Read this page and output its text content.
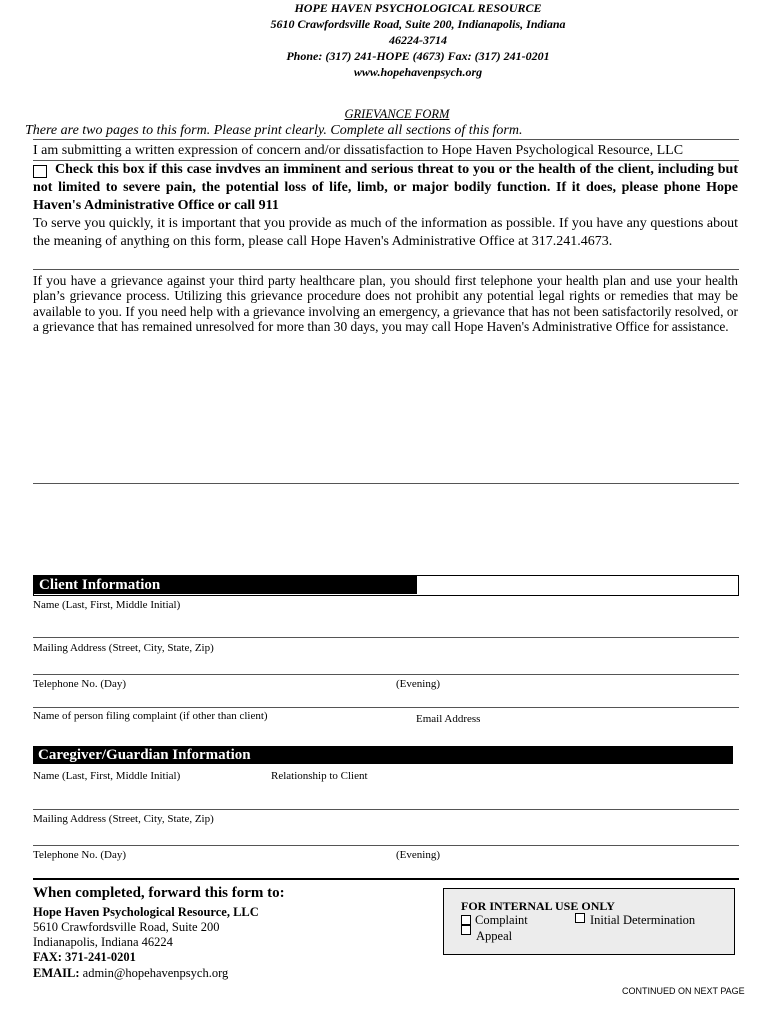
HOPE HAVEN PSYCHOLOGICAL RESOURCE
5610 Crawfordsville Road, Suite 200, Indianapolis, Indiana
46224-3714
Phone: (317) 241-HOPE (4673) Fax: (317) 241-0201
www.hopehavenpsych.org
GRIEVANCE FORM
There are two pages to this form. Please print clearly. Complete all sections of this form.
I am submitting a written expression of concern and/or dissatisfaction to Hope Haven Psychological Resource, LLC
Check this box if this case invdves an imminent and serious threat to you or the health of the client, including but not limited to severe pain, the potential loss of life, limb, or major bodily function. If it does, please phone Hope Haven's Administrative Office or call 911
To serve you quickly, it is important that you provide as much of the information as possible. If you have any questions about the meaning of anything on this form, please call Hope Haven's Administrative Office at 317.241.4673.
If you have a grievance against your third party healthcare plan, you should first telephone your health plan and use your health plan’s grievance process. Utilizing this grievance procedure does not prohibit any potential legal rights or remedies that may be available to you. If you need help with a grievance involving an emergency, a grievance that has not been satisfactorily resolved, or a grievance that has remained unresolved for more than 30 days, you may call Hope Haven's Administrative Office for assistance.
Client Information
Name (Last, First, Middle Initial)
Mailing Address (Street, City, State, Zip)
Telephone No. (Day)	(Evening)
Name of person filing complaint (if other than client)	Email Address
Caregiver/Guardian Information
Name (Last, First, Middle Initial)	Relationship to Client
Mailing Address (Street, City, State, Zip)
Telephone No. (Day)	(Evening)
When completed, forward this form to:
Hope Haven Psychological Resource, LLC
5610 Crawfordsville Road, Suite 200
Indianapolis, Indiana 46224
FAX: 371-241-0201
EMAIL: admin@hopehavenpsych.org
FOR INTERNAL USE ONLY
Complaint	Initial Determination
Appeal
CONTINUED ON NEXT PAGE
